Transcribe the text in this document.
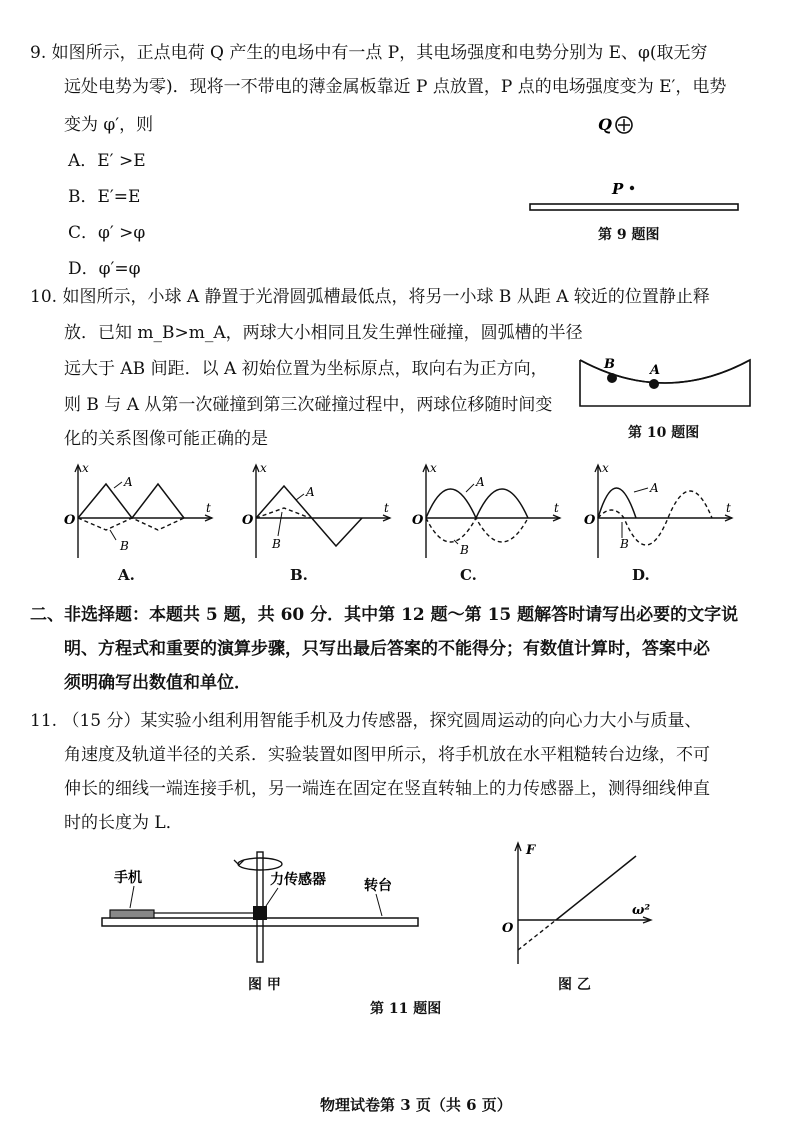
9. 如图所示，正点电荷 Q 产生的电场中有一点 P，其电场强度和电势分别为 E、φ(取无穷
远处电势为零)．现将一不带电的薄金属板靠近 P 点放置，P 点的电场强度变为 E′，电势
变为 φ′，则
A．E′ >E
B．E′=E
C．φ′ >φ
D．φ′=φ
Q
P
第 9 题图
10. 如图所示，小球 A 静置于光滑圆弧槽最低点，将另一小球 B 从距 A 较近的位置静止释
放．已知 m_B>m_A，两球大小相同且发生弹性碰撞，圆弧槽的半径
远大于 AB 间距．以 A 初始位置为坐标原点，取向右为正方向，
则 B 与 A 从第一次碰撞到第三次碰撞过程中，两球位移随时间变
化的关系图像可能正确的是
B	A
第 10 题图
x
t
O
A
B
A.
x
t
O
A
B
B.
x
t
O
A
B
C.
x
t
O
A
B
D.
二、非选择题：本题共 5 题，共 60 分．其中第 12 题～第 15 题解答时请写出必要的文字说
明、方程式和重要的演算步骤，只写出最后答案的不能得分；有数值计算时，答案中必
须明确写出数值和单位．
11. （15 分）某实验小组利用智能手机及力传感器，探究圆周运动的向心力大小与质量、
角速度及轨道半径的关系．实验装置如图甲所示，将手机放在水平粗糙转台边缘，不可
伸长的细线一端连接手机，另一端连在固定在竖直转轴上的力传感器上，测得细线伸直
时的长度为 L．
手机	力传感器	转台
图 甲
F
ω²
O
图 乙
第 11 题图
物理试卷第 3 页（共 6 页）
